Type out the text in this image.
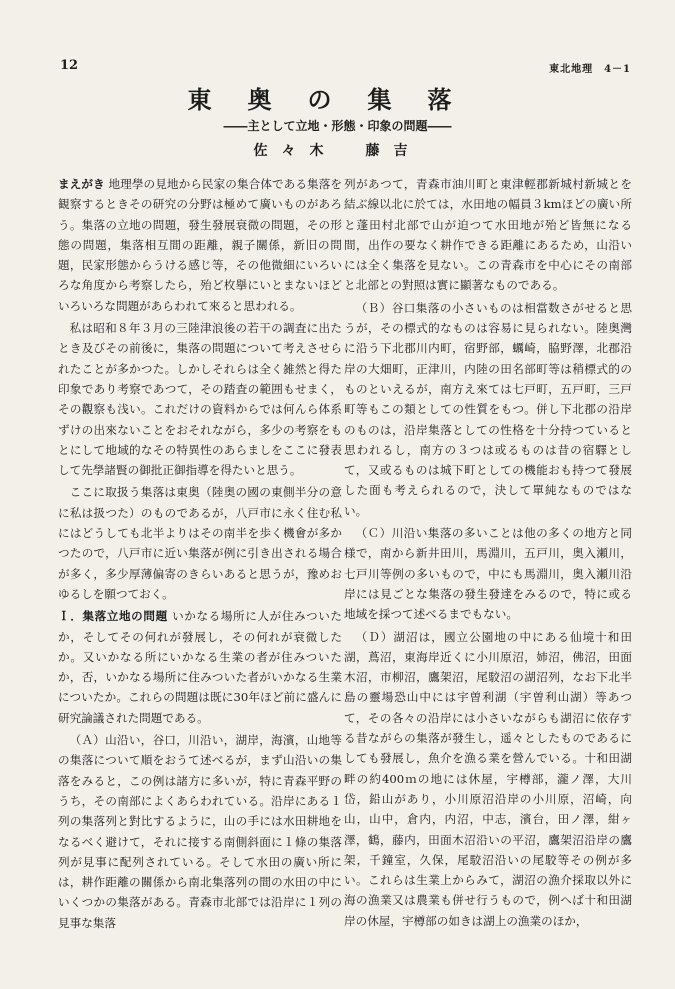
12	東北地理　4－1
東奥の集落
――主として立地・形態・印象の問題――
佐々木　藤吉

まえがき 地理學の見地から民家の集合体である集落を観察するときその研究の分野は極めて廣いものがあろう。集落の立地の問題，發生發展衰微の問題，その形態の問題，集落相互間の距離，親子關係，新旧の問題，民家形態からうける感じ等，その他微細にいろいろな角度から考察したら，殆ど枚擧にいとまないほどいろいろな問題があらわれて來ると思われる。

私は昭和８年３月の三陸津浪後の若干の調査に出たとき及びその前後に，集落の問題について考えさせられたことが多かつた。しかしそれらは全く雑然と得た印象であり考察であつて，その踏査の範囲もせまく，その觀察も浅い。これだけの資料からでは何んら体系ずけの出來ないことをおそれながら，多少の考察をもとにして地域的なその特異性のあらましをここに發表して先學諸賢の御批正御指導を得たいと思う。

ここに取扱う集落は東奥（陸奥の國の東側半分の意に私は扱つた）のものであるが，八戸市に永く住む私にはどうしても北半よりはその南半を歩く機會が多かつたので，八戸市に近い集落が例に引き出される場合が多く，多少厚薄偏寄のきらいあると思うが，豫めおゆるしを願つておく。

Ｉ．集落立地の問題 いかなる場所に人が住みついたか，そしてその何れが發展し，その何れが衰微したか。又いかなる所にいかなる生業の者が住みついたか，否，いかなる場所に住みついた者がいかなる生業についたか。これらの問題は既に30年ほど前に盛んに研究論議された問題である。

（Ａ）山沿い，谷口，川沿い，湖岸，海濱，山地等の集落について順をおうて述べるが，まず山沿いの集落をみると，この例は諸方に多いが，特に青森平野のうち，その南部によくあらわれている。沿岸にある１列の集落列と對比するように，山の手には水田耕地をなるべく避けて，それに接する南側斜面に１條の集落列が見事に配列されている。そして水田の廣い所には，耕作距離の關係から南北集落列の間の水田の中にいくつかの集落がある。青森市北部では沿岸に１列の見事な集落

列があつて，青森市油川町と東津輕郡新城村新城とを結ぶ線以北に於ては，水田地の幅員３kmほどの廣い所と蓬田村北部で山が迫つて水田地が殆ど皆無になる間，出作の要なく耕作できる距離にあるため，山沿いには全く集落を見ない。この青森市を中心にその南部と北部との對照は實に顯著なものである。

（Ｂ）谷口集落の小さいものは相當数さがせると思うが，その標式的なものは容易に見られない。陸奥灣に沿う下北郡川内町，宿野部，蠣崎，脇野澤，北郡沿岸の大畑町，正津川，内陸の田名部町等は稍標式的のものといえるが，南方え來ては七戸町，五戸町，三戸町等もこの類としての性質をもつ。併し下北郡の沿岸のものは，沿岸集落としての性格を十分持つていると思われるし，南方の３つは或るものは昔の宿驛として，又或るものは城下町としての機能おも持つて發展した面も考えられるので，決して單純なものではない。

（Ｃ）川沿い集落の多いことは他の多くの地方と同様で，南から新井田川，馬淵川，五戸川，奥入瀬川，七戸川等例の多いもので，中にも馬淵川，奥入瀬川沿岸には見ごとな集落の發生發達をみるので，特に或る地域を採つて述べるまでもない。

（Ｄ）湖沼は，國立公園地の中にある仙境十和田湖，蔦沼，東海岸近くに小川原沼，姉沼，佛沼，田面木沼，市柳沼，鷹架沼，尾駮沼の湖沼列，なお下北半島の靈場恐山中には宇曽利湖（宇曽利山湖）等あつて，その各々の沿岸には小さいながらも湖沼に依存する昔ながらの集落が發生し，遥々としたものであるにしても發展し，魚介を漁る業を營んでいる。十和田湖畔の約400ｍの地には休屋，宇樽部，瀧ノ澤，大川岱，鉛山があり，小川原沼沿岸の小川原，沼崎，向山，山中，倉内，内沼，中志，濱台，田ノ澤，紺ヶ澤，鶴，藤内，田面木沼沿いの平沼，鷹架沼沿岸の鷹架，千鐘室，久保，尾駮沼沿いの尾駮等その例が多い。これらは生業上からみて，湖沼の漁介採取以外に海の漁業又は農業も併せ行うもので，例へば十和田湖岸の休屋，宇樽部の如きは湖上の漁業のほか，
